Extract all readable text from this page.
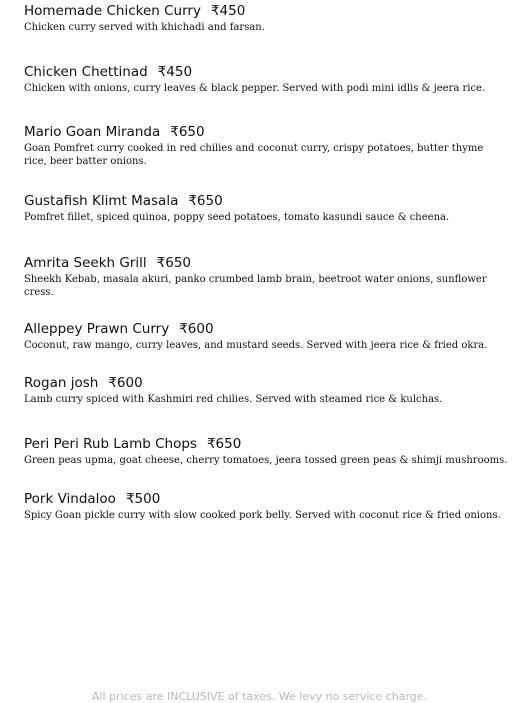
Homemade Chicken Curry ₹450
Chicken curry served with khichadi and farsan.
Chicken Chettinad ₹450
Chicken with onions, curry leaves & black pepper. Served with podi mini idlis & jeera rice.
Mario Goan Miranda ₹650
Goan Pomfret curry cooked in red chilies and coconut curry, crispy potatoes, butter thyme rice, beer batter onions.
Gustafish Klimt Masala ₹650
Pomfret fillet, spiced quinoa, poppy seed potatoes, tomato kasundi sauce & cheena.
Amrita Seekh Grill ₹650
Sheekh Kebab, masala akuri, panko crumbed lamb brain, beetroot water onions, sunflower cress.
Alleppey Prawn Curry ₹600
Coconut, raw mango, curry leaves, and mustard seeds. Served with jeera rice & fried okra.
Rogan josh ₹600
Lamb curry spiced with Kashmiri red chilies. Served with steamed rice & kulchas.
Peri Peri Rub Lamb Chops ₹650
Green peas upma, goat cheese, cherry tomatoes, jeera tossed green peas & shimji mushrooms.
Pork Vindaloo ₹500
Spicy Goan pickle curry with slow cooked pork belly. Served with coconut rice & fried onions.
All prices are INCLUSIVE of taxes. We levy no service charge.
